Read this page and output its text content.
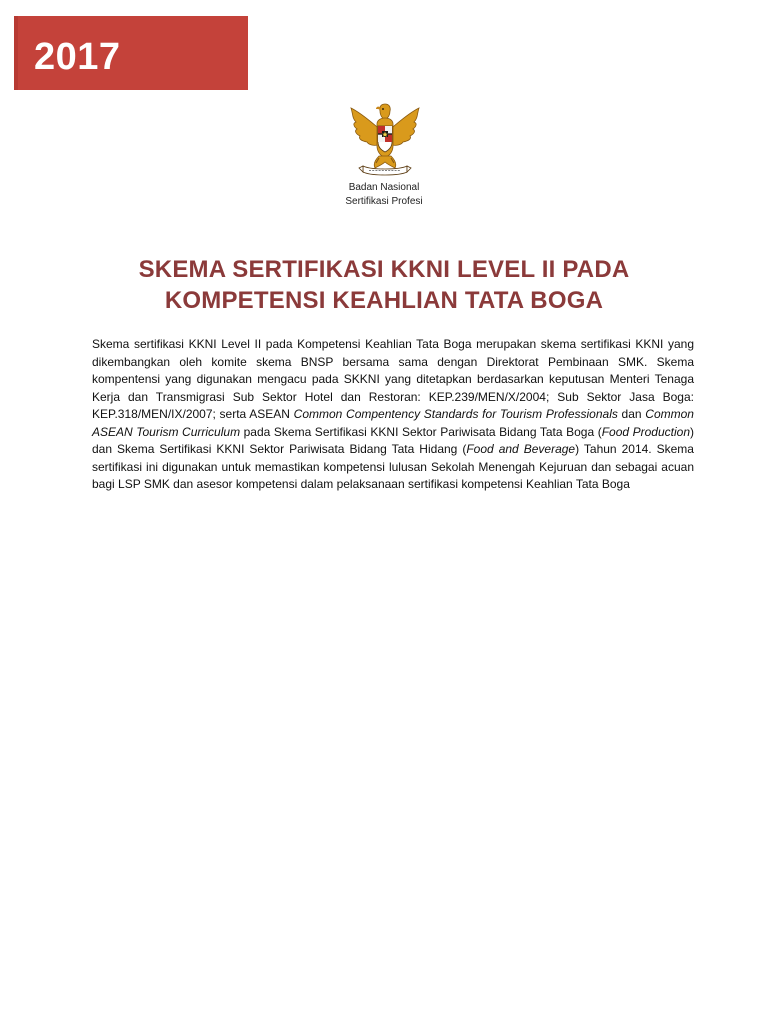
2017
Badan Nasional
Sertifikasi Profesi
SKEMA SERTIFIKASI KKNI LEVEL II PADA
KOMPETENSI KEAHLIAN TATA BOGA

Skema sertifikasi KKNI Level II pada Kompetensi Keahlian Tata Boga merupakan skema sertifikasi KKNI yang dikembangkan oleh komite skema BNSP bersama sama dengan Direktorat Pembinaan SMK. Skema kompentensi yang digunakan mengacu pada SKKNI yang ditetapkan berdasarkan keputusan Menteri Tenaga Kerja dan Transmigrasi Sub Sektor Hotel dan Restoran: KEP.239/MEN/X/2004; Sub Sektor Jasa Boga: KEP.318/MEN/IX/2007; serta ASEAN Common Compentency Standards for Tourism Professionals dan Common ASEAN Tourism Curriculum pada Skema Sertifikasi KKNI Sektor Pariwisata Bidang Tata Boga (Food Production) dan Skema Sertifikasi KKNI Sektor Pariwisata Bidang Tata Hidang (Food and Beverage) Tahun 2014. Skema sertifikasi ini digunakan untuk memastikan kompetensi lulusan Sekolah Menengah Kejuruan dan sebagai acuan bagi LSP SMK dan asesor kompetensi dalam pelaksanaan sertifikasi kompetensi Keahlian Tata Boga
